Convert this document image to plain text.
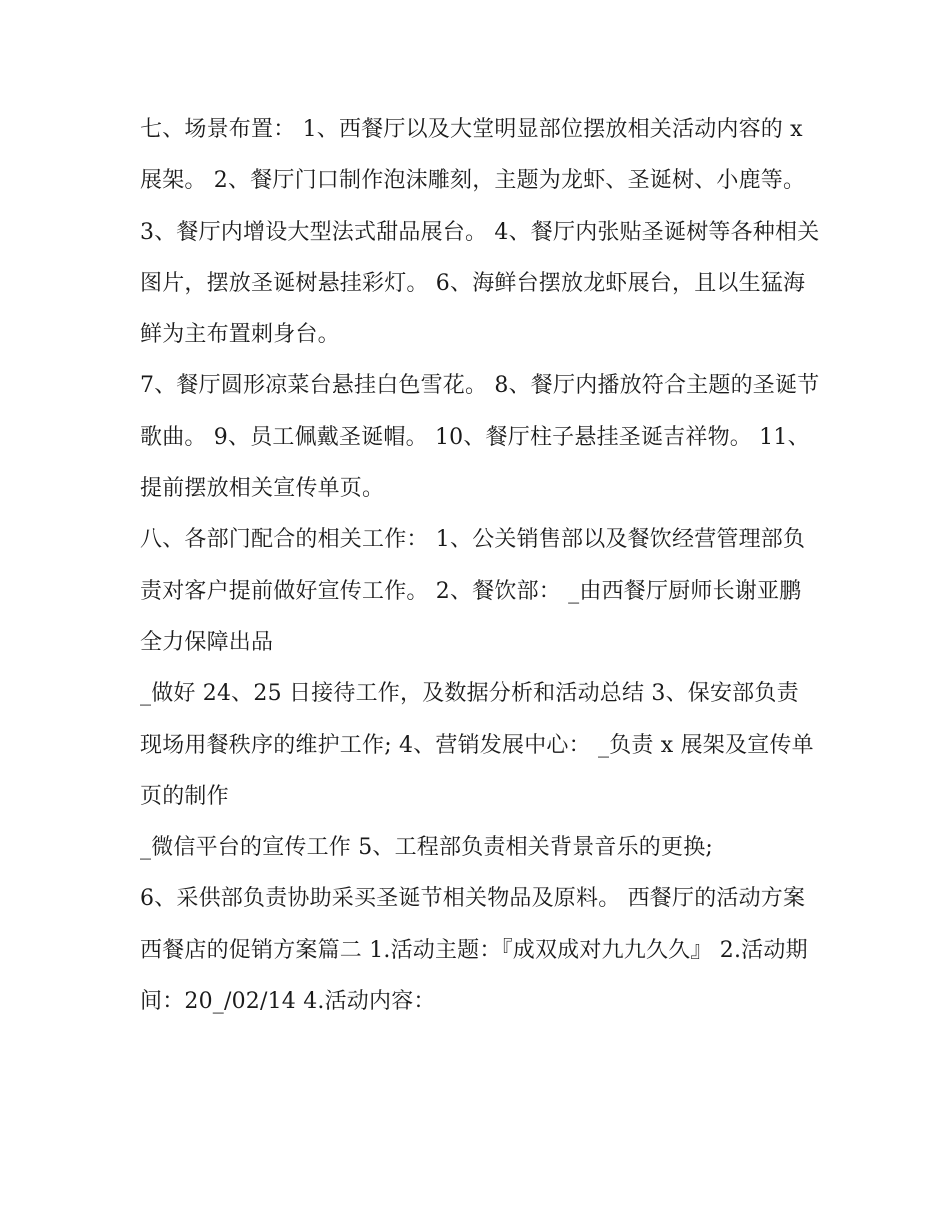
七、场景布置： 1、西餐厅以及大堂明显部位摆放相关活动内容的 x 展架。 2、餐厅门口制作泡沫雕刻，主题为龙虾、圣诞树、小鹿等。

3、餐厅内增设大型法式甜品展台。 4、餐厅内张贴圣诞树等各种相关图片，摆放圣诞树悬挂彩灯。 6、海鲜台摆放龙虾展台，且以生猛海鲜为主布置刺身台。

7、餐厅圆形凉菜台悬挂白色雪花。 8、餐厅内播放符合主题的圣诞节歌曲。 9、员工佩戴圣诞帽。 10、餐厅柱子悬挂圣诞吉祥物。 11、提前摆放相关宣传单页。

八、各部门配合的相关工作： 1、公关销售部以及餐饮经营管理部负责对客户提前做好宣传工作。 2、餐饮部： _由西餐厅厨师长谢亚鹏全力保障出品

_做好 24、25 日接待工作，及数据分析和活动总结 3、保安部负责现场用餐秩序的维护工作; 4、营销发展中心： _负责 x 展架及宣传单页的制作

_微信平台的宣传工作 5、工程部负责相关背景音乐的更换;

6、采供部负责协助采买圣诞节相关物品及原料。 西餐厅的活动方案

西餐店的促销方案篇二 1.活动主题：『成双成对九九久久』 2.活动期间：20_/02/14 4.活动内容：
